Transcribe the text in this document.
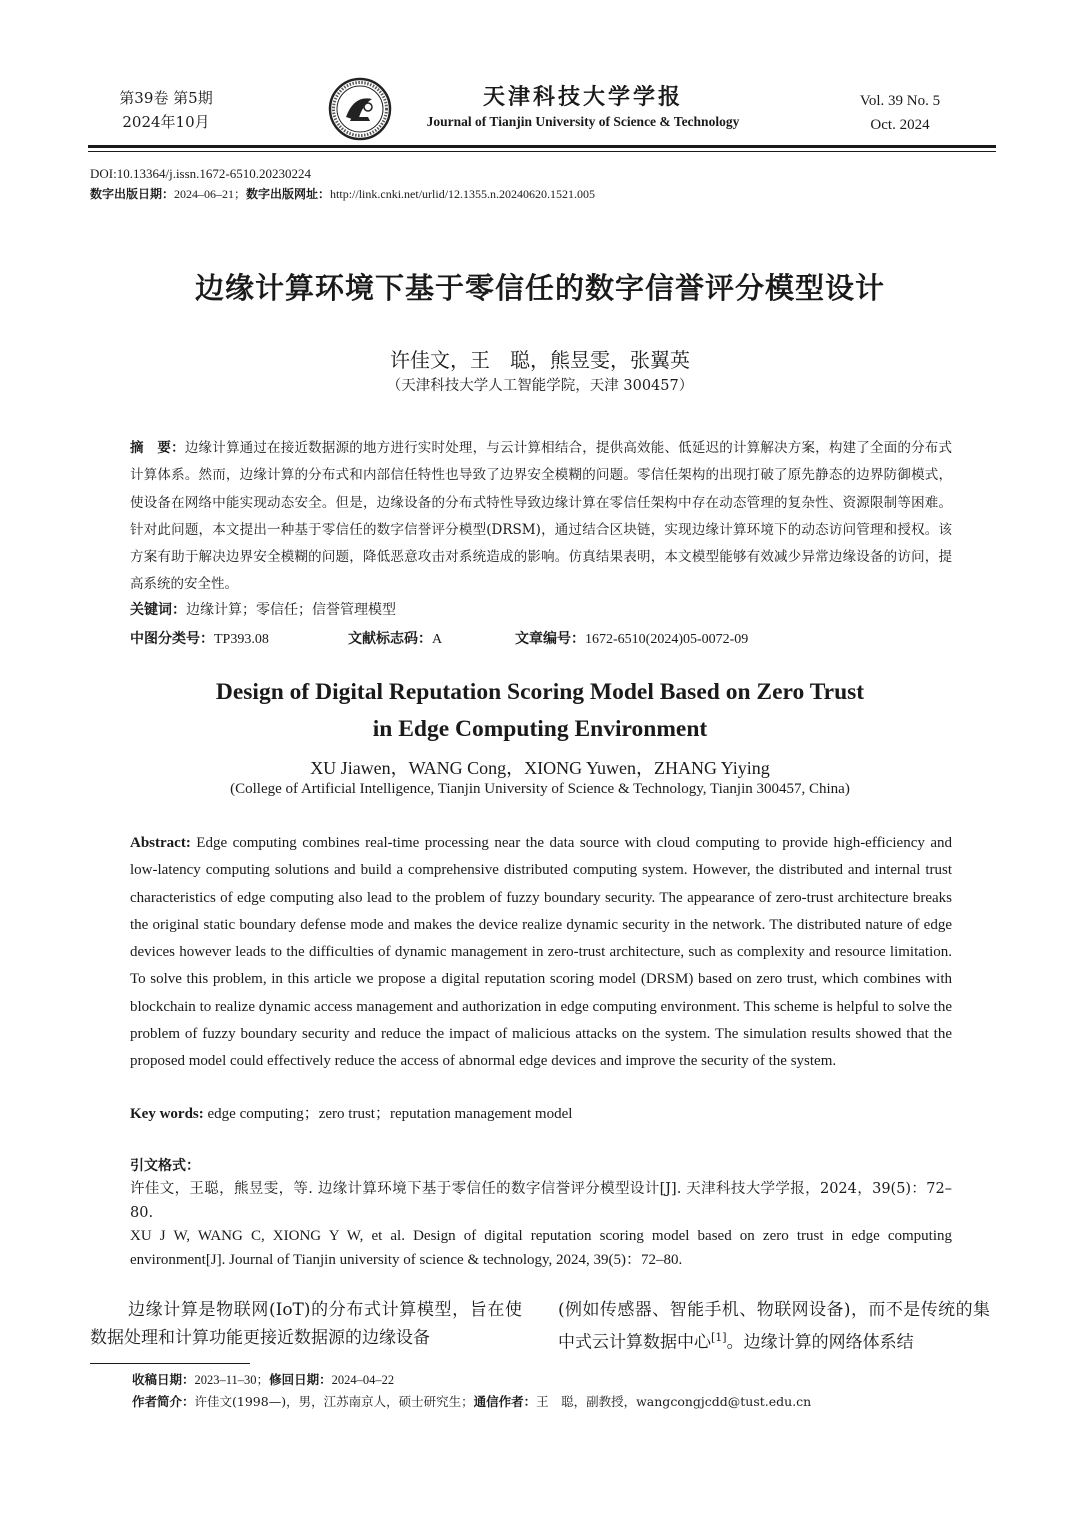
第39卷 第5期
2024年10月
天津科技大学学报
Journal of Tianjin University of Science & Technology
Vol. 39 No. 5
Oct. 2024
DOI:10.13364/j.issn.1672-6510.20230224
数字出版日期：2024–06–21；数字出版网址：http://link.cnki.net/urlid/12.1355.n.20240620.1521.005
边缘计算环境下基于零信任的数字信誉评分模型设计
许佳文，王　聪，熊昱雯，张翼英
（天津科技大学人工智能学院，天津 300457）
摘　要：边缘计算通过在接近数据源的地方进行实时处理，与云计算相结合，提供高效能、低延迟的计算解决方案，构建了全面的分布式计算体系。然而，边缘计算的分布式和内部信任特性也导致了边界安全模糊的问题。零信任架构的出现打破了原先静态的边界防御模式，使设备在网络中能实现动态安全。但是，边缘设备的分布式特性导致边缘计算在零信任架构中存在动态管理的复杂性、资源限制等困难。针对此问题，本文提出一种基于零信任的数字信誉评分模型(DRSM)，通过结合区块链，实现边缘计算环境下的动态访问管理和授权。该方案有助于解决边界安全模糊的问题，降低恶意攻击对系统造成的影响。仿真结果表明，本文模型能够有效减少异常边缘设备的访问，提高系统的安全性。
关键词：边缘计算；零信任；信誉管理模型
中图分类号：TP393.08	文献标志码：A	文章编号：1672-6510(2024)05-0072-09
Design of Digital Reputation Scoring Model Based on Zero Trust
in Edge Computing Environment
XU Jiawen，WANG Cong，XIONG Yuwen，ZHANG Yiying
(College of Artificial Intelligence, Tianjin University of Science & Technology, Tianjin 300457, China)
Abstract: Edge computing combines real-time processing near the data source with cloud computing to provide high-efficiency and low-latency computing solutions and build a comprehensive distributed computing system. However, the distributed and internal trust characteristics of edge computing also lead to the problem of fuzzy boundary security. The appearance of zero-trust architecture breaks the original static boundary defense mode and makes the device realize dynamic security in the network. The distributed nature of edge devices however leads to the difficulties of dynamic management in zero-trust architecture, such as complexity and resource limitation. To solve this problem, in this article we propose a digital reputation scoring model (DRSM) based on zero trust, which combines with blockchain to realize dynamic access management and authorization in edge computing environment. This scheme is helpful to solve the problem of fuzzy boundary security and reduce the impact of malicious attacks on the system. The simulation results showed that the proposed model could effectively reduce the access of abnormal edge devices and improve the security of the system.
Key words: edge computing；zero trust；reputation management model
引文格式：
许佳文，王聪，熊昱雯，等. 边缘计算环境下基于零信任的数字信誉评分模型设计[J]. 天津科技大学学报，2024，39(5)：72–80.
XU J W, WANG C, XIONG Y W, et al. Design of digital reputation scoring model based on zero trust in edge computing environment[J]. Journal of Tianjin university of science & technology, 2024, 39(5)：72–80.
边缘计算是物联网(IoT)的分布式计算模型，旨在使数据处理和计算功能更接近数据源的边缘设备
(例如传感器、智能手机、物联网设备)，而不是传统的集中式云计算数据中心[1]。边缘计算的网络体系结
收稿日期：2023–11–30；修回日期：2024–04–22
作者简介：许佳文(1998—)，男，江苏南京人，硕士研究生；通信作者：王　聪，副教授，wangcongjcdd@tust.edu.cn
